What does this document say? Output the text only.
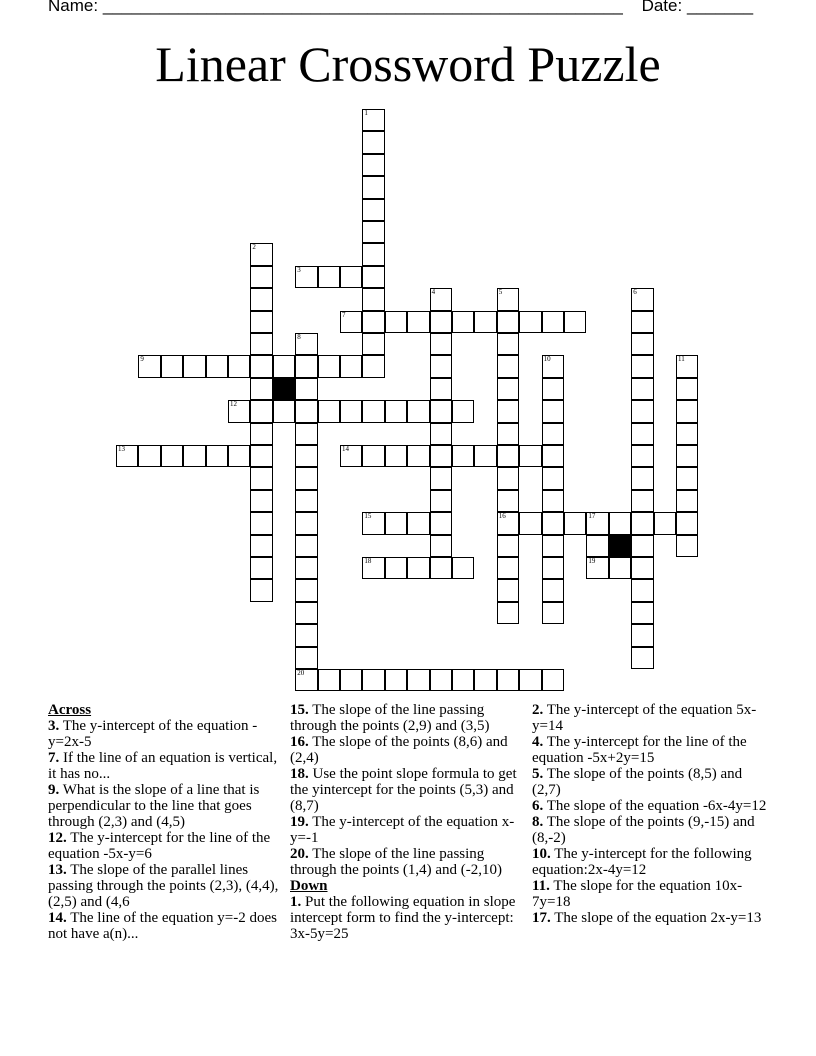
Name: _______________________________________________________ Date: _______
Linear Crossword Puzzle
1
2
4	5
16
6
8
20
10	11
17
19
3
7
9
12
13	14
15
18
Across
3. The y-intercept of the equation -y=2x-5
7. If the line of an equation is vertical, it has no...
9. What is the slope of a line that is perpendicular to the line that goes through (2,3) and (4,5)
12. The y-intercept for the line of the equation -5x-y=6
13. The slope of the parallel lines passing through the points (2,3), (4,4), (2,5) and (4,6
14. The line of the equation y=-2 does not have a(n)...
15. The slope of the line passing through the points (2,9) and (3,5)
16. The slope of the points (8,6) and (2,4)
18. Use the point slope formula to get the yintercept for the points (5,3) and (8,7)
19. The y-intercept of the equation x-y=-1
20. The slope of the line passing through the points (1,4) and (-2,10)
Down
1. Put the following equation in slope intercept form to find the y-intercept: 3x-5y=25
2. The y-intercept of the equation 5x-y=14
4. The y-intercept for the line of the equation -5x+2y=15
5. The slope of the points (8,5) and (2,7)
6. The slope of the equation -6x-4y=12
8. The slope of the points (9,-15) and (8,-2)
10. The y-intercept for the following equation:2x-4y=12
11. The slope for the equation 10x-7y=18
17. The slope of the equation 2x-y=13
